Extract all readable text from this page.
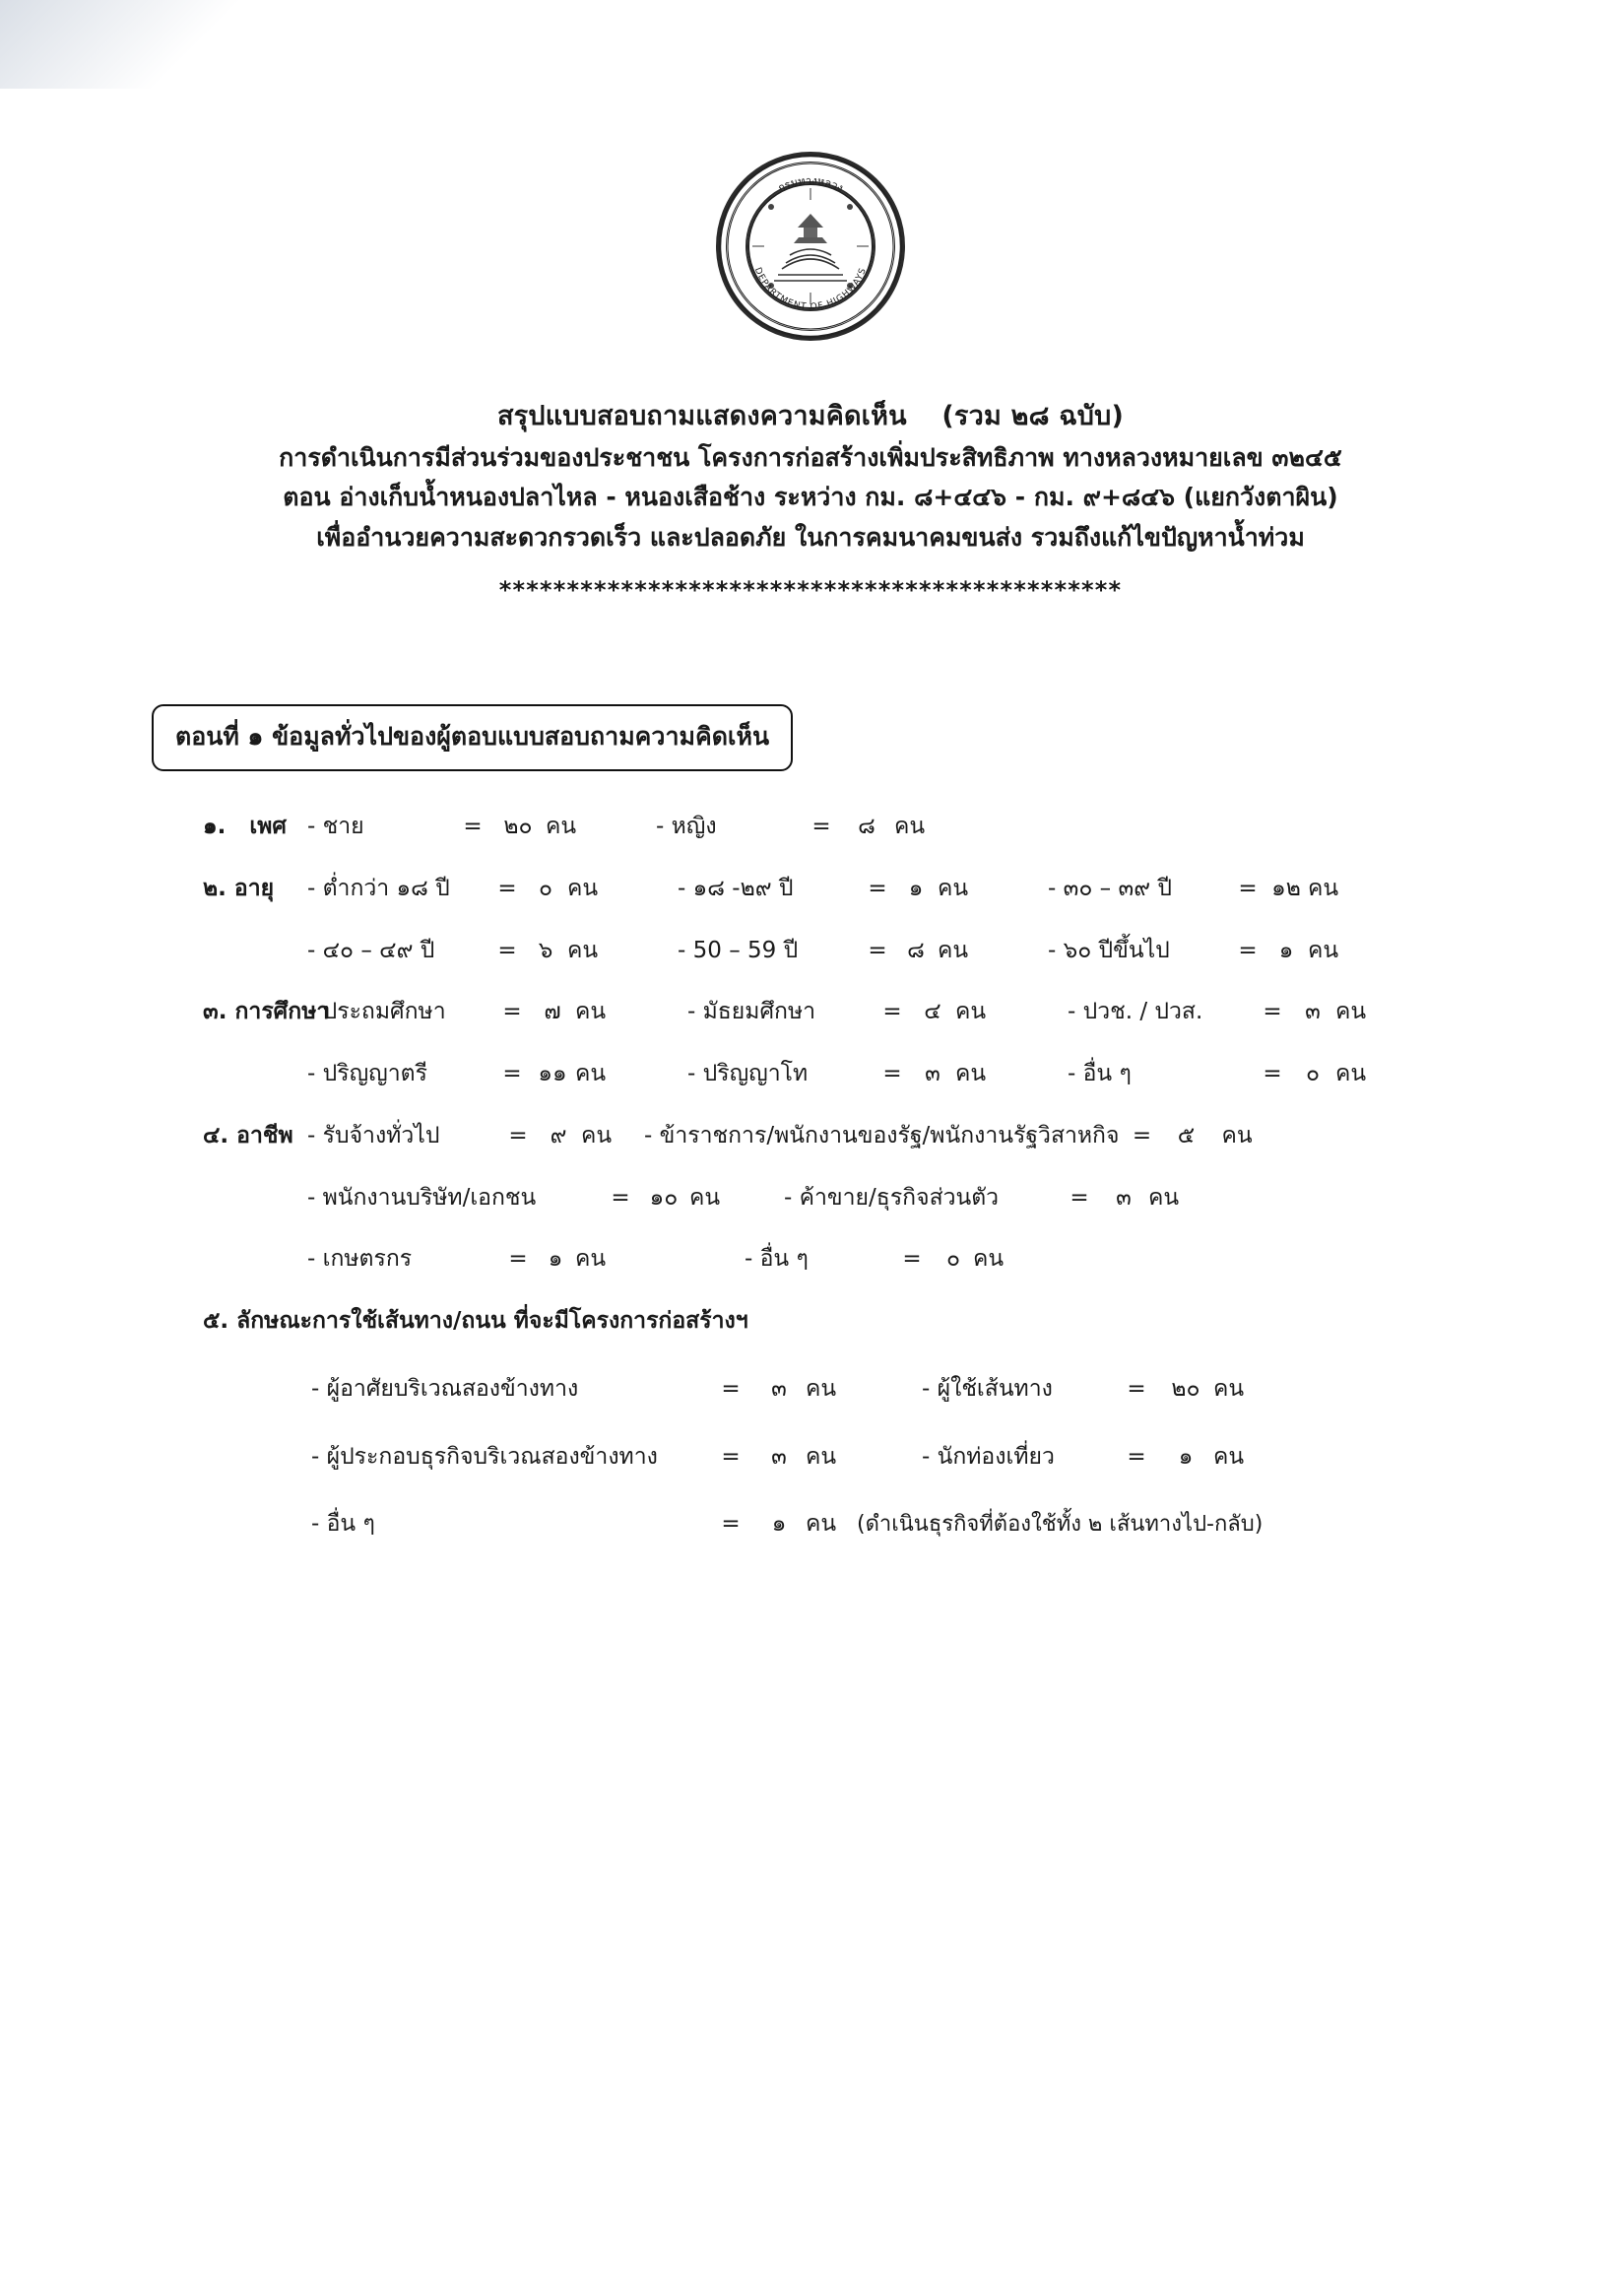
กรมทางหลวง
DEPARTMENT OF HIGHWAYS
สรุปแบบสอบถามแสดงความคิดเห็น (รวม ๒๘ ฉบับ)
การดำเนินการมีส่วนร่วมของประชาชน โครงการก่อสร้างเพิ่มประสิทธิภาพ ทางหลวงหมายเลข ๓๒๔๕
ตอน อ่างเก็บน้ำหนองปลาไหล - หนองเสือช้าง ระหว่าง กม. ๘+๔๔๖ - กม. ๙+๘๔๖ (แยกวังตาผิน)
เพื่ออำนวยความสะดวกรวดเร็ว และปลอดภัย ในการคมนาคมขนส่ง รวมถึงแก้ไขปัญหาน้ำท่วม
**********************************************
ตอนที่ ๑ ข้อมูลทั่วไปของผู้ตอบแบบสอบถามความคิดเห็น
๑. เพศ - ชาย	= ๒๐ คน	- หญิง	=	๘ คน
๒. อายุ	- ต่ำกว่า ๑๘ ปี	= ๐ คน	- ๑๘ -๒๙ ปี	= ๑ คน	- ๓๐ – ๓๙ ปี	= ๑๒ คน
- ๔๐ – ๔๙ ปี	= ๖ คน	- 50 – 59 ปี	= ๘ คน	- ๖๐ ปีขึ้นไป	= ๑ คน
๓. การศึกษา
- ประถมศึกษา	= ๗ คน	- มัธยมศึกษา	= ๔ คน	- ปวช. / ปวส.	=	๓ คน
- ปริญญาตรี	= ๑๑ คน	- ปริญญาโท	=	๓ คน	- อื่น ๆ	=	๐ คน
๔. อาชีพ - รับจ้างทั่วไป	= ๙ คน	- ข้าราชการ/พนักงานของรัฐ/พนักงานรัฐวิสาหกิจ =	๕	คน
- พนักงานบริษัท/เอกชน	= ๑๐ คน	- ค้าขาย/ธุรกิจส่วนตัว	=	๓ คน
- เกษตรกร	= ๑ คน	- อื่น ๆ	=	๐ คน
๕. ลักษณะการใช้เส้นทาง/ถนน ที่จะมีโครงการก่อสร้างฯ
- ผู้อาศัยบริเวณสองข้างทาง	=	๓ คน	- ผู้ใช้เส้นทาง	=	๒๐ คน
- ผู้ประกอบธุรกิจบริเวณสองข้างทาง	=	๓ คน	- นักท่องเที่ยว	=	๑ คน
- อื่น ๆ	=	๑ คน (ดำเนินธุรกิจที่ต้องใช้ทั้ง ๒ เส้นทางไป-กลับ)
